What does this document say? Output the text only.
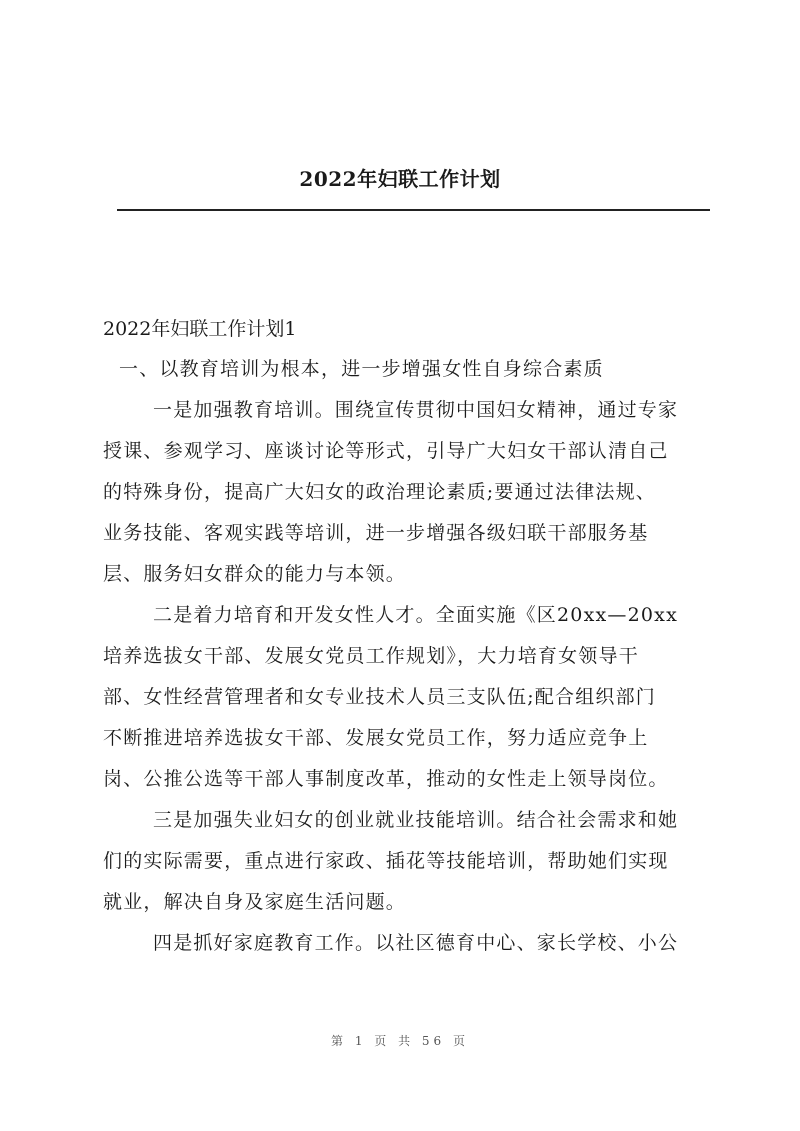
2022年妇联工作计划

2022年妇联工作计划1

一、以教育培训为根本，进一步增强女性自身综合素质
一是加强教育培训。围绕宣传贯彻中国妇女精神，通过专家
授课、参观学习、座谈讨论等形式，引导广大妇女干部认清自己
的特殊身份，提高广大妇女的政治理论素质;要通过法律法规、
业务技能、客观实践等培训，进一步增强各级妇联干部服务基
层、服务妇女群众的能力与本领。
二是着力培育和开发女性人才。全面实施《区20xx—20xx
培养选拔女干部、发展女党员工作规划》，大力培育女领导干
部、女性经营管理者和女专业技术人员三支队伍;配合组织部门
不断推进培养选拔女干部、发展女党员工作，努力适应竞争上
岗、公推公选等干部人事制度改革，推动的女性走上领导岗位。
三是加强失业妇女的创业就业技能培训。结合社会需求和她
们的实际需要，重点进行家政、插花等技能培训，帮助她们实现
就业，解决自身及家庭生活问题。
四是抓好家庭教育工作。以社区德育中心、家长学校、小公
第 1 页 共 56 页
